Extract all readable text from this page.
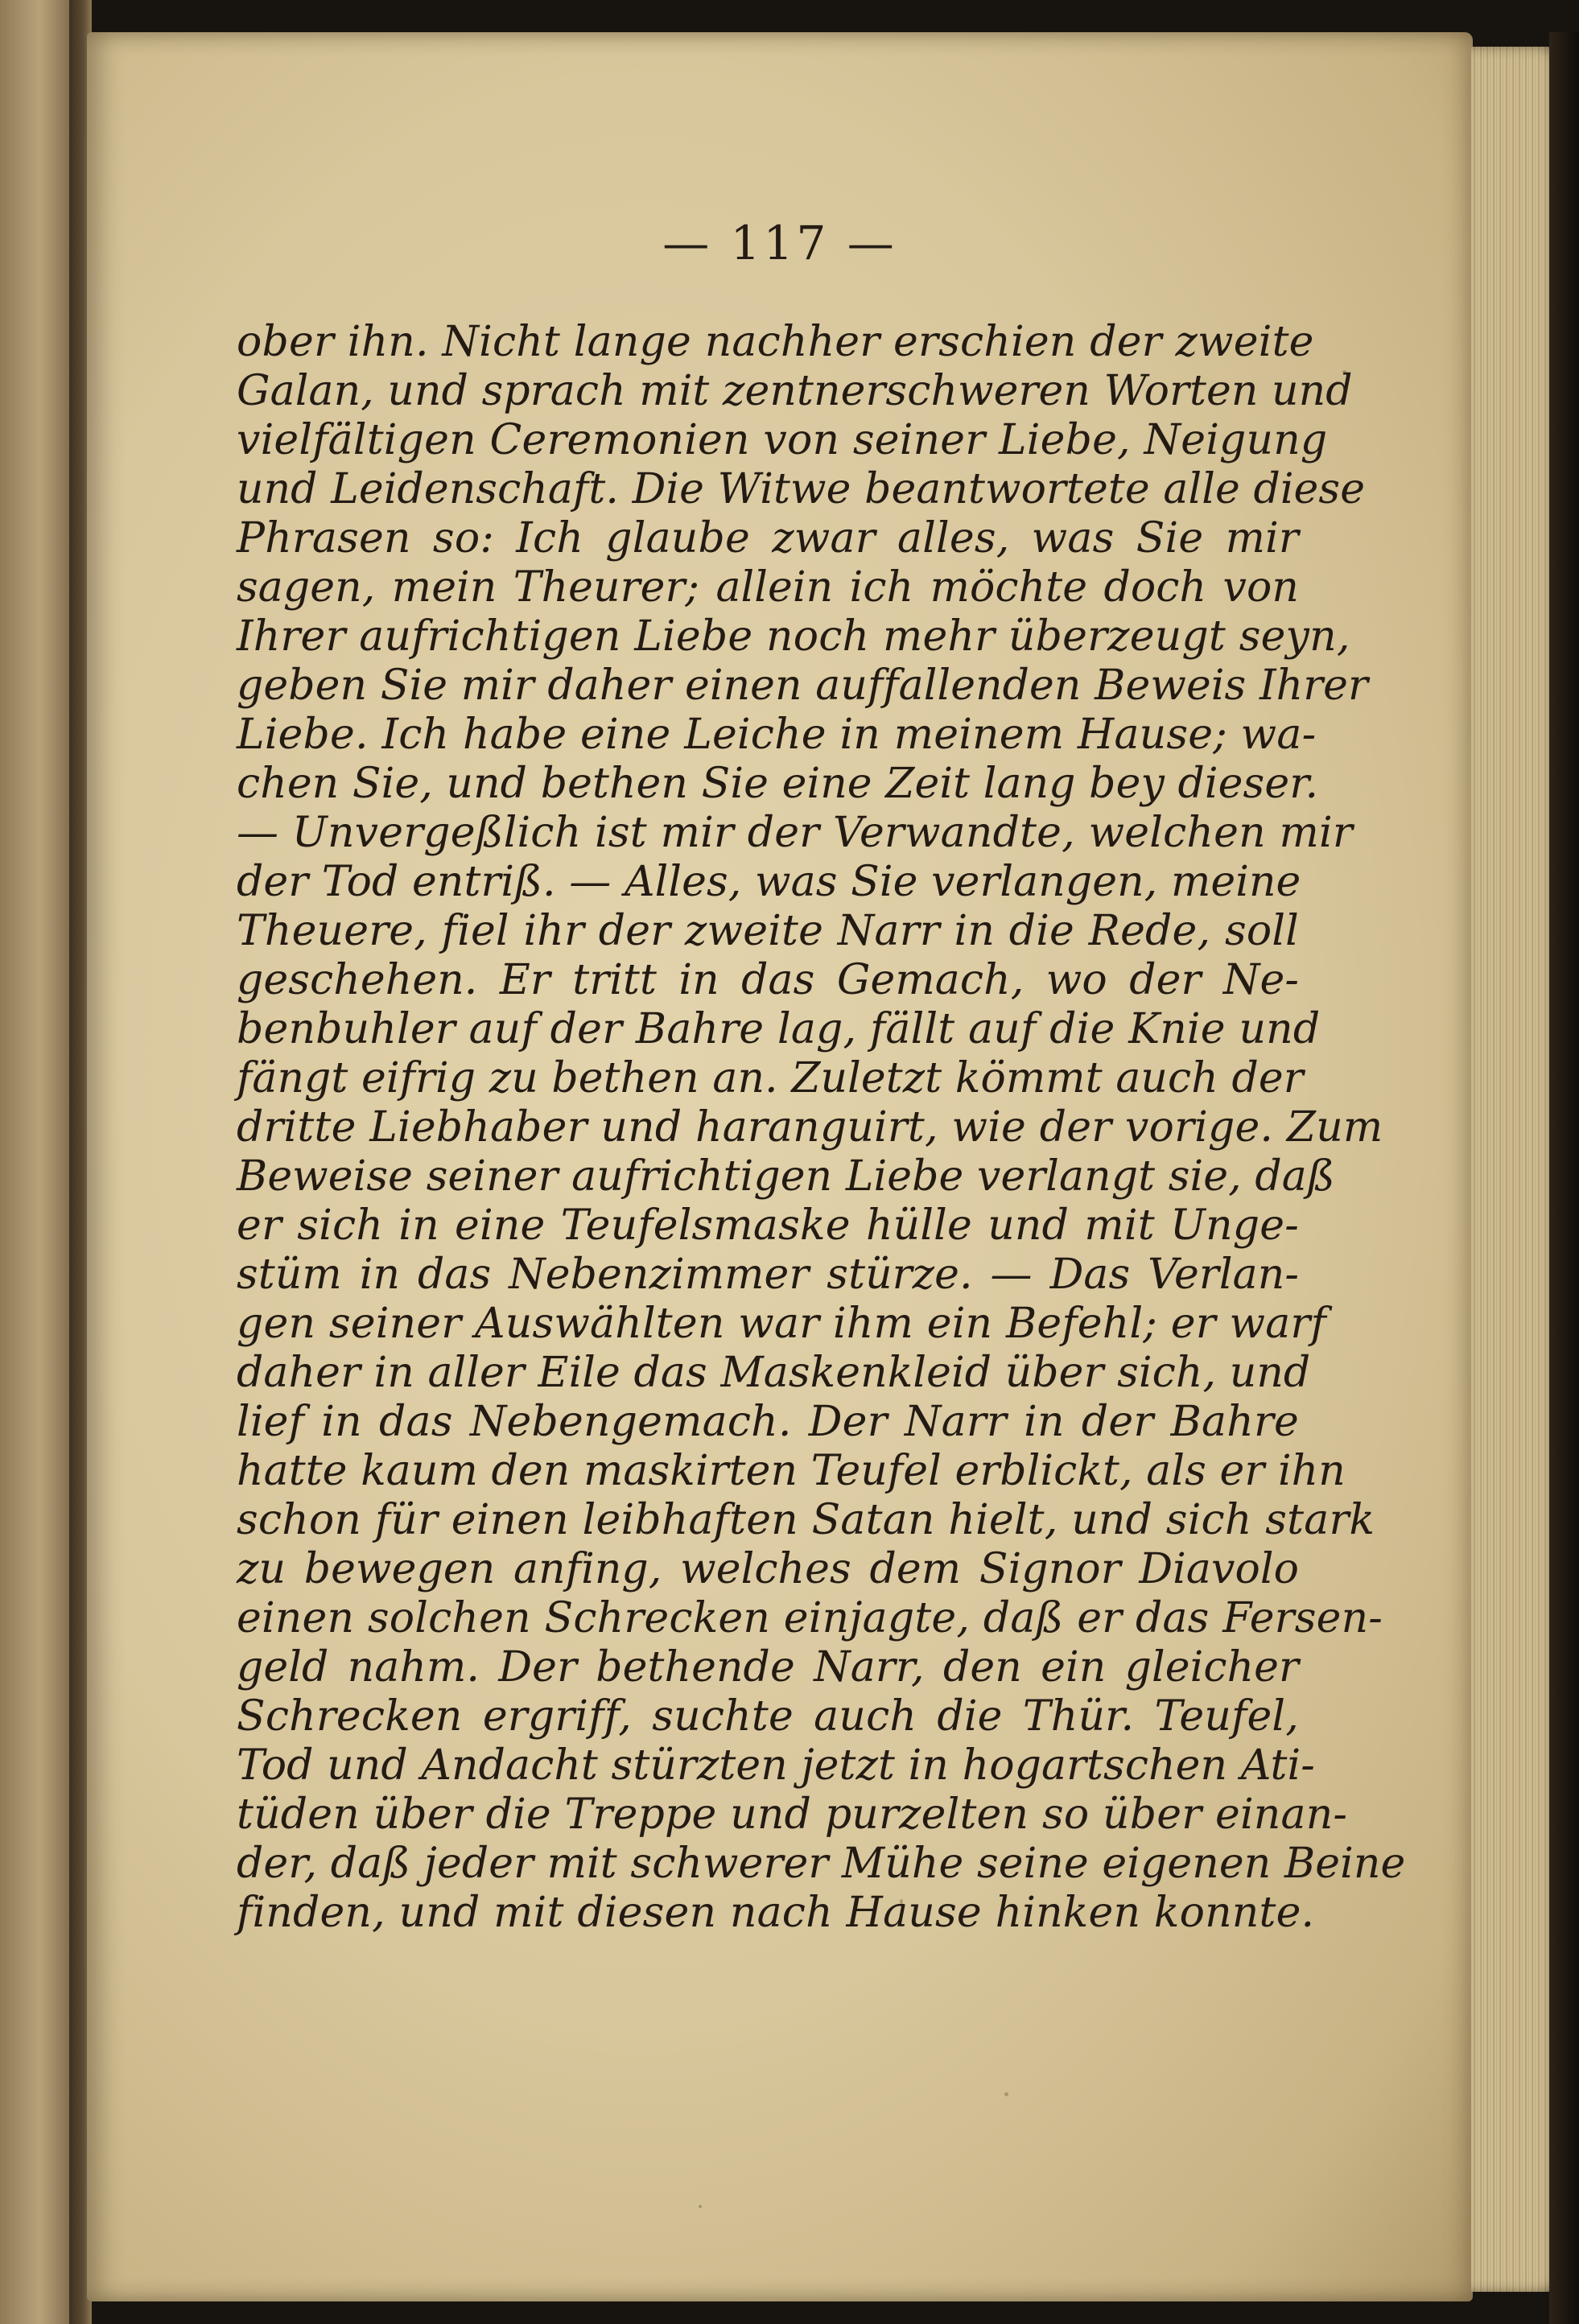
— 117 —
ober ihn. Nicht lange nachher erschien der zweite
Galan, und sprach mit zentnerschweren Worten und
vielfältigen Ceremonien von seiner Liebe, Neigung
und Leidenschaft. Die Witwe beantwortete alle diese
Phrasen so: Ich glaube zwar alles, was Sie mir
sagen, mein Theurer; allein ich möchte doch von
Ihrer aufrichtigen Liebe noch mehr überzeugt seyn,
geben Sie mir daher einen auffallenden Beweis Ihrer
Liebe. Ich habe eine Leiche in meinem Hause; wa-
chen Sie, und bethen Sie eine Zeit lang bey dieser.
— Unvergeßlich ist mir der Verwandte, welchen mir
der Tod entriß. — Alles, was Sie verlangen, meine
Theuere, fiel ihr der zweite Narr in die Rede, soll
geschehen. Er tritt in das Gemach, wo der Ne-
benbuhler auf der Bahre lag, fällt auf die Knie und
fängt eifrig zu bethen an. Zuletzt kömmt auch der
dritte Liebhaber und haranguirt, wie der vorige. Zum
Beweise seiner aufrichtigen Liebe verlangt sie, daß
er sich in eine Teufelsmaske hülle und mit Unge-
stüm in das Nebenzimmer stürze. — Das Verlan-
gen seiner Auswählten war ihm ein Befehl; er warf
daher in aller Eile das Maskenkleid über sich, und
lief in das Nebengemach. Der Narr in der Bahre
hatte kaum den maskirten Teufel erblickt, als er ihn
schon für einen leibhaften Satan hielt, und sich stark
zu bewegen anfing, welches dem Signor Diavolo
einen solchen Schrecken einjagte, daß er das Fersen-
geld nahm. Der bethende Narr, den ein gleicher
Schrecken ergriff, suchte auch die Thür. Teufel,
Tod und Andacht stürzten jetzt in hogartschen Ati-
tüden über die Treppe und purzelten so über einan-
der, daß jeder mit schwerer Mühe seine eigenen Beine
finden, und mit diesen nach Hause hinken konnte.
